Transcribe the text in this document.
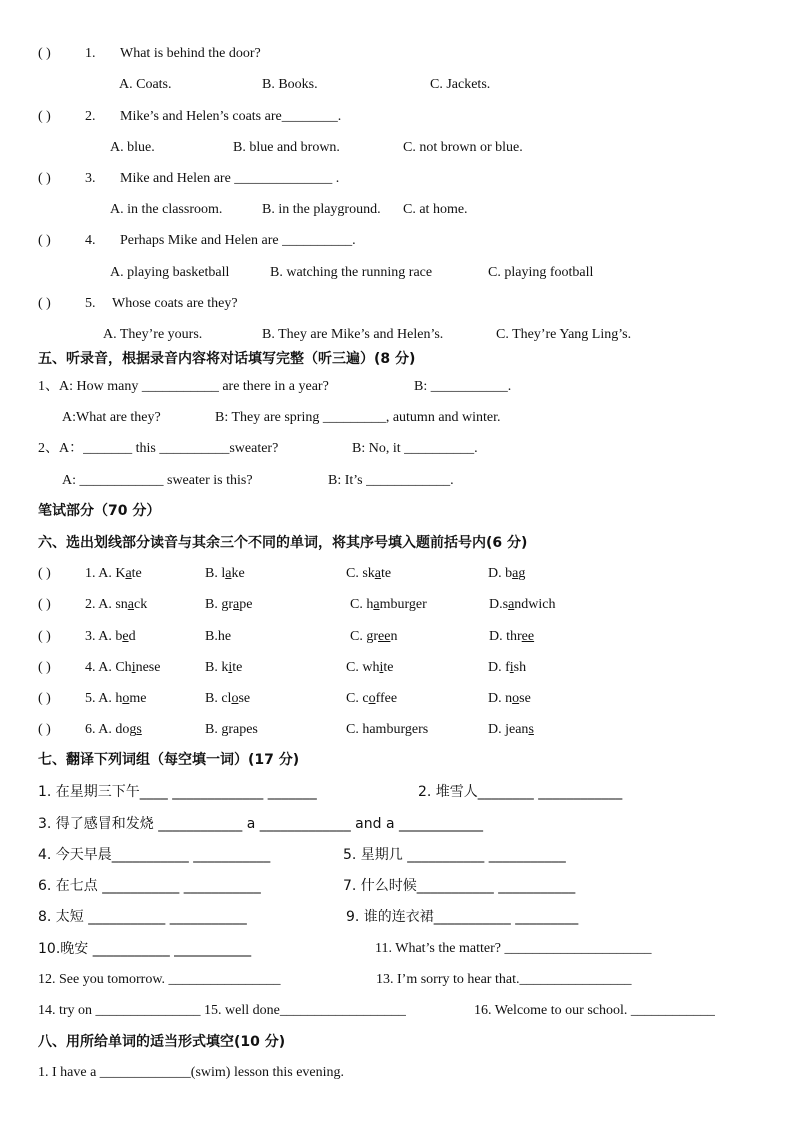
( ) 1. What is behind the door?
A. Coats.	B. Books.	C. Jackets.
( ) 2. Mike’s and Helen’s coats are________.
A. blue.	B. blue and brown.	C. not brown or blue.
( ) 3. Mike and Helen are ______________ .
A. in the classroom.	B. in the playground. C. at home.
( ) 4. Perhaps Mike and Helen are __________.
A. playing basketball	B. watching the running race	C. playing football
( ) 5. Whose coats are they?
A. They’re yours.	B. They are Mike’s and Helen’s.	C. They’re Yang Ling’s.
五、听录音，根据录音内容将对话填写完整（听三遍）(8 分)
1、A: How many ___________ are there in a year?	B: ___________.
A:What are they?	B: They are spring _________, autumn and winter.
2、A：_______ this __________sweater?	B: No, it __________.
A: ____________ sweater is this?	B: It’s ____________.
笔试部分（70 分）
六、选出划线部分读音与其余三个不同的单词，将其序号填入题前括号内(6 分)
( ) 1. A. Kate	B. lake	C. skate	D. bag
( ) 2. A. snack	B. grape	C. hamburger	D.sandwich
( ) 3. A. bed	B.he	C. green	D. three
( ) 4. A. Chinese	B. kite	C. white	D. fish
( ) 5. A. home	B. close	C. coffee	D. nose
( ) 6. A. dogs	B. grapes	C. hamburgers	D. jeans
七、翻译下列词组（每空填一词）(17 分)
1. 在星期三下午____ _____________ _______	2. 堆雪人________ ____________
3. 得了感冒和发烧 ____________ a _____________ and a ____________
4. 今天早晨___________ ___________	5. 星期几 ___________ ___________
6. 在七点 ___________ ___________	7. 什么时候___________ ___________
8. 太短 ___________ ___________	9. 谁的连衣裙___________ _________
10.晚安 ___________ ___________	11. What’s the matter? _____________________
12. See you tomorrow. ________________	13. I’m sorry to hear that.________________
14. try on _______________ 15. well done__________________	16. Welcome to our school. ____________
八、用所给单词的适当形式填空(10 分)
1. I have a _____________(swim) lesson this evening.
